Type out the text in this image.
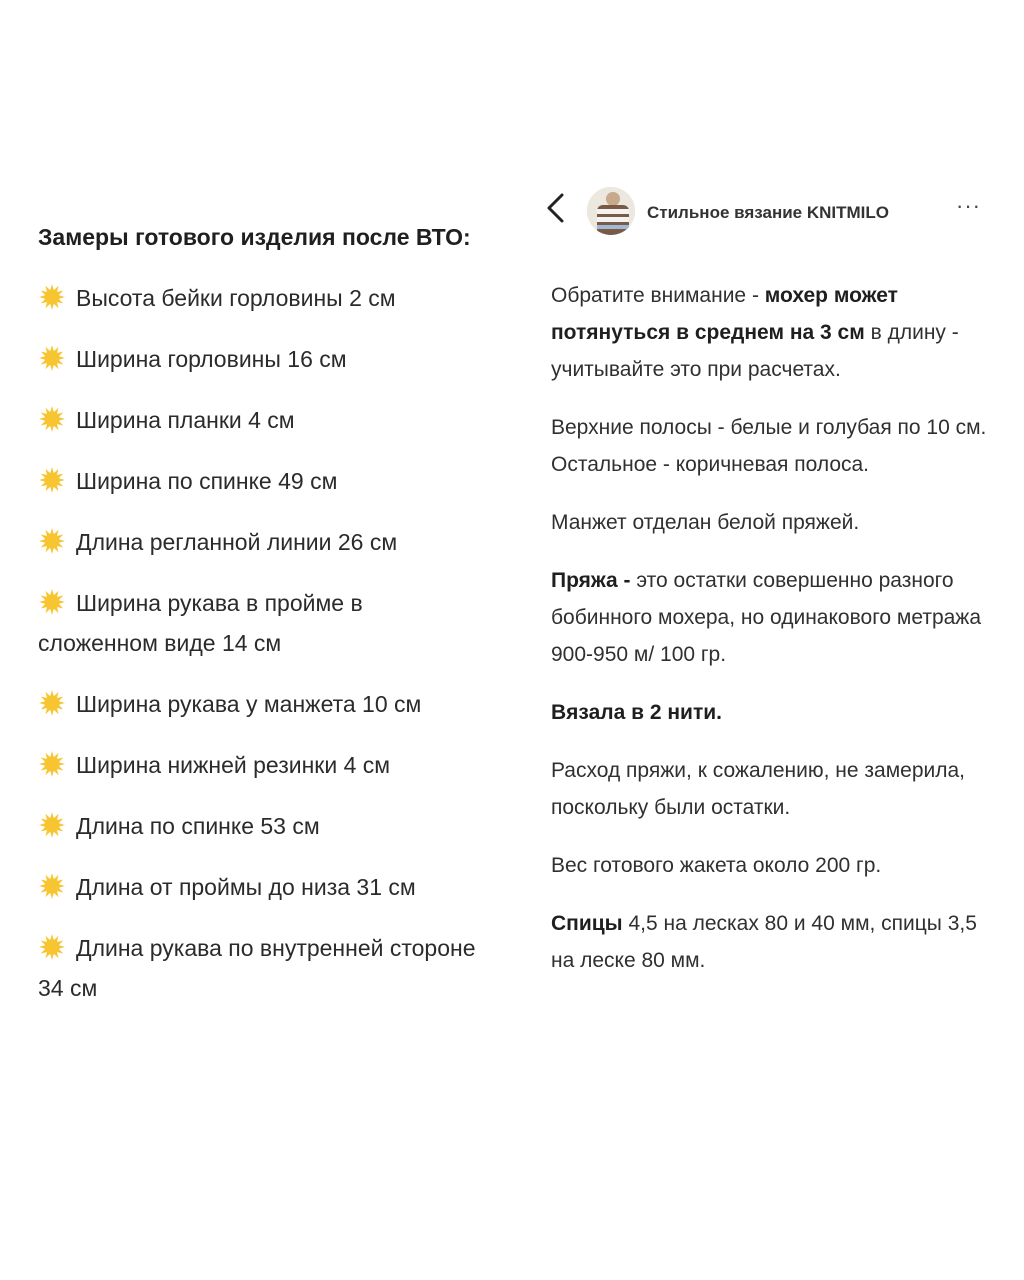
Замеры готового изделия после ВТО:
Высота бейки горловины 2 см
Ширина горловины 16 см
Ширина планки 4 см
Ширина по спинке 49 см
Длина регланной линии 26 см
Ширина рукава в пройме в сложенном виде 14 см
Ширина рукава у манжета 10 см
Ширина нижней резинки 4 см
Длина по спинке 53 см
Длина от проймы до низа 31 см
Длина рукава по внутренней стороне 34 см
Стильное вязание KNITMILO	···

Обратите внимание - мохер может потянуться в среднем на 3 см в длину - учитывайте это при расчетах.

Верхние полосы - белые и голубая по 10 см. Остальное - коричневая полоса.

Манжет отделан белой пряжей.

Пряжа - это остатки совершенно разного бобинного мохера, но одинакового метража 900-950 м/ 100 гр.

Вязала в 2 нити.

Расход пряжи, к сожалению, не замерила, поскольку были остатки.

Вес готового жакета около 200 гр.

Спицы 4,5 на лесках 80 и 40 мм, спицы 3,5 на леске 80 мм.
